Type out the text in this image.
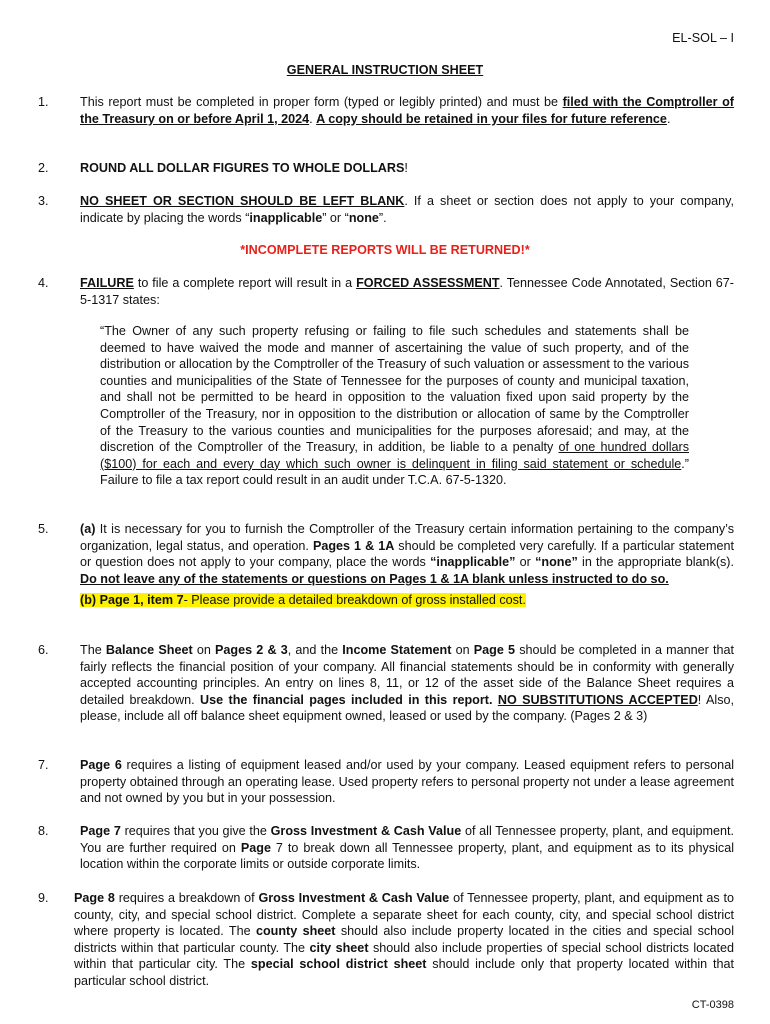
EL-SOL – I
GENERAL INSTRUCTION SHEET
1.	This report must be completed in proper form (typed or legibly printed) and must be filed with the Comptroller of the Treasury on or before April 1, 2024. A copy should be retained in your files for future reference.

2.	ROUND ALL DOLLAR FIGURES TO WHOLE DOLLARS!

3.	NO SHEET OR SECTION SHOULD BE LEFT BLANK. If a sheet or section does not apply to your company, indicate by placing the words “inapplicable” or “none”.

*INCOMPLETE REPORTS WILL BE RETURNED!*
4.	FAILURE to file a complete report will result in a FORCED ASSESSMENT. Tennessee Code Annotated, Section 67-5-1317 states:

“The Owner of any such property refusing or failing to file such schedules and statements shall be deemed to have waived the mode and manner of ascertaining the value of such property, and of the distribution or allocation by the Comptroller of the Treasury of such valuation or assessment to the various counties and municipalities of the State of Tennessee for the purposes of county and municipal taxation, and shall not be permitted to be heard in opposition to the valuation fixed upon said property by the Comptroller of the Treasury, nor in opposition to the distribution or allocation of same by the Comptroller of the Treasury to the various counties and municipalities for the purposes aforesaid; and may, at the discretion of the Comptroller of the Treasury, in addition, be liable to a penalty of one hundred dollars ($100) for each and every day which such owner is delinquent in filing said statement or schedule.” Failure to file a tax report could result in an audit under T.C.A. 67-5-1320.

5.	(a) It is necessary for you to furnish the Comptroller of the Treasury certain information pertaining to the company’s organization, legal status, and operation. Pages 1 & 1A should be completed very carefully. If a particular statement or question does not apply to your company, place the words “inapplicable” or “none” in the appropriate blank(s). Do not leave any of the statements or questions on Pages 1 & 1A blank unless instructed to do so.

(b) Page 1, item 7- Please provide a detailed breakdown of gross installed cost.

6.	The Balance Sheet on Pages 2 & 3, and the Income Statement on Page 5 should be completed in a manner that fairly reflects the financial position of your company. All financial statements should be in conformity with generally accepted accounting principles. An entry on lines 8, 11, or 12 of the asset side of the Balance Sheet requires a detailed breakdown. Use the financial pages included in this report. NO SUBSTITUTIONS ACCEPTED! Also, please, include all off balance sheet equipment owned, leased or used by the company. (Pages 2 & 3)

7.	Page 6 requires a listing of equipment leased and/or used by your company. Leased equipment refers to personal property obtained through an operating lease. Used property refers to personal property not under a lease agreement and not owned by you but in your possession.

8.	Page 7 requires that you give the Gross Investment & Cash Value of all Tennessee property, plant, and equipment. You are further required on Page 7 to break down all Tennessee property, plant, and equipment as to its physical location within the corporate limits or outside corporate limits.

9.	Page 8 requires a breakdown of Gross Investment & Cash Value of Tennessee property, plant, and equipment as to county, city, and special school district. Complete a separate sheet for each county, city, and special school district where property is located. The county sheet should also include property located in the cities and special school districts within that particular county. The city sheet should also include properties of special school districts located within that particular city. The special school district sheet should include only that property located within that particular school district.

CT-0398
